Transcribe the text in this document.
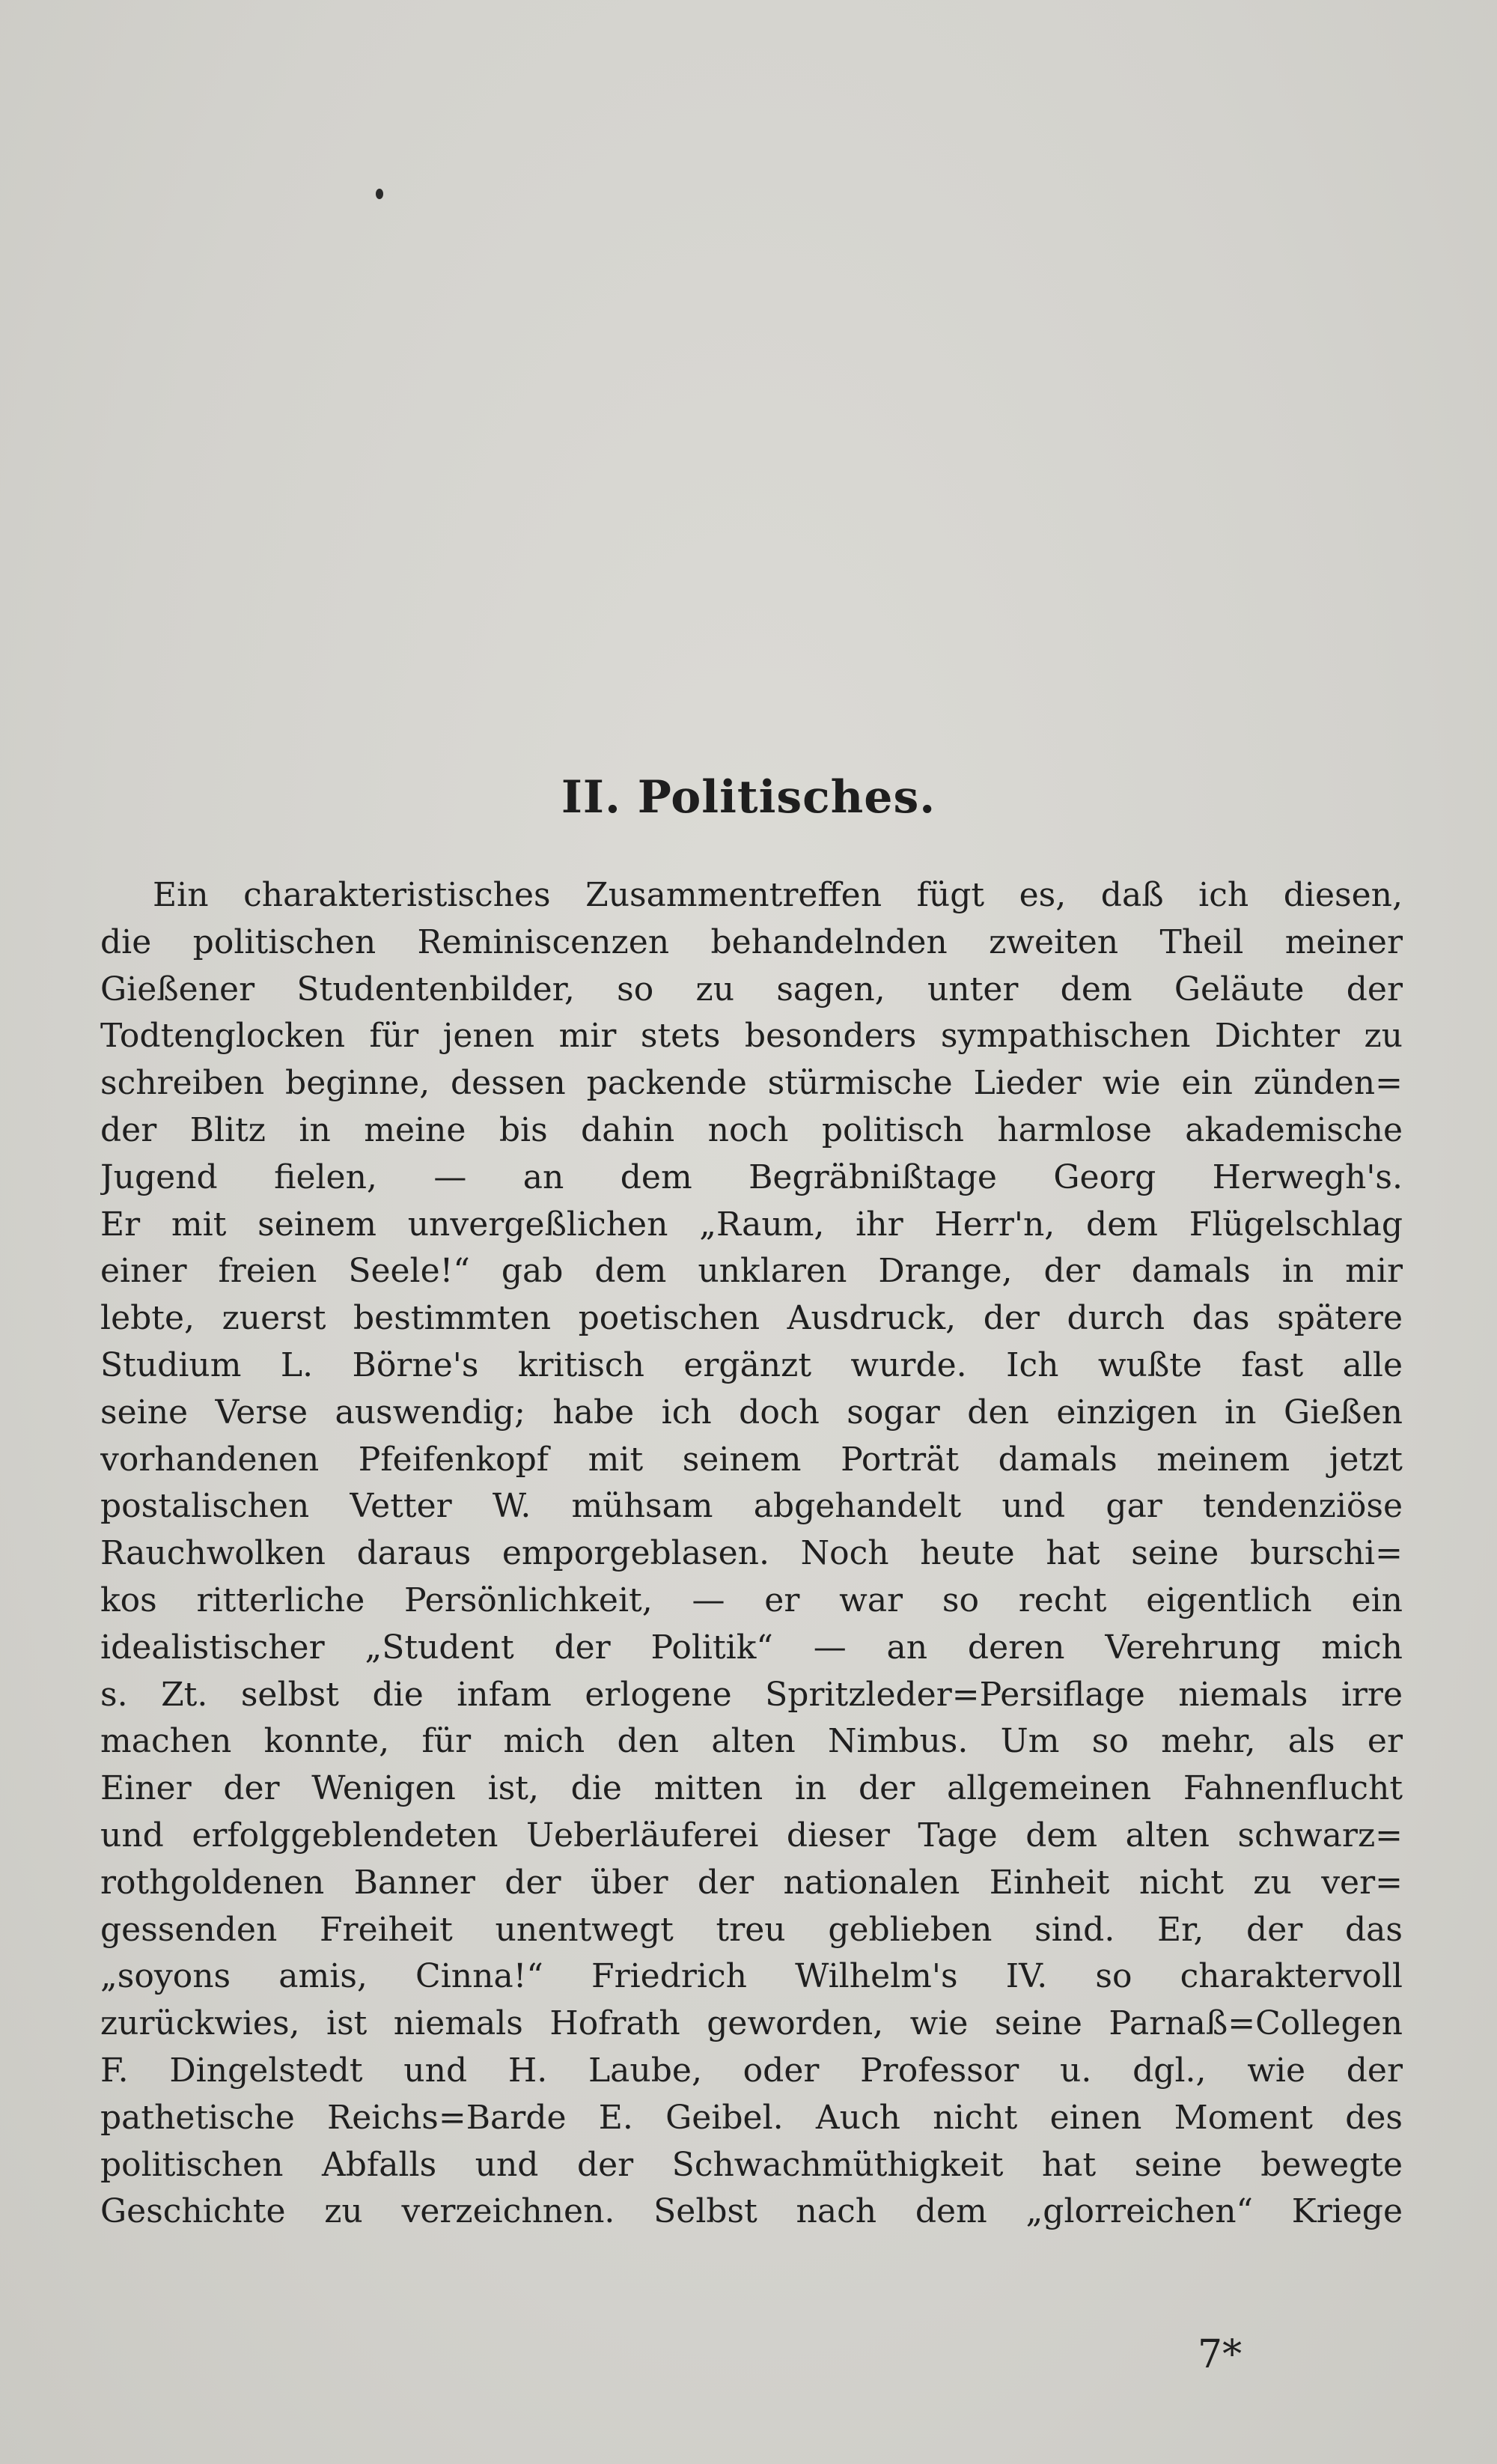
II. Politisches.
Ein charakteristisches Zusammentreffen fügt es, daß ich diesen,
die politischen Reminiscenzen behandelnden zweiten Theil meiner
Gießener Studentenbilder, so zu sagen, unter dem Geläute der
Todtenglocken für jenen mir stets besonders sympathischen Dichter zu
schreiben beginne, dessen packende stürmische Lieder wie ein zünden=
der Blitz in meine bis dahin noch politisch harmlose akademische
Jugend fielen, — an dem Begräbnißtage Georg Herwegh's.
Er mit seinem unvergeßlichen „Raum, ihr Herr'n, dem Flügelschlag
einer freien Seele!“ gab dem unklaren Drange, der damals in mir
lebte, zuerst bestimmten poetischen Ausdruck, der durch das spätere
Studium L. Börne's kritisch ergänzt wurde. Ich wußte fast alle
seine Verse auswendig; habe ich doch sogar den einzigen in Gießen
vorhandenen Pfeifenkopf mit seinem Porträt damals meinem jetzt
postalischen Vetter W. mühsam abgehandelt und gar tendenziöse
Rauchwolken daraus emporgeblasen. Noch heute hat seine burschi=
kos ritterliche Persönlichkeit, — er war so recht eigentlich ein
idealistischer „Student der Politik“ — an deren Verehrung mich
s. Zt. selbst die infam erlogene Spritzleder=Persiflage niemals irre
machen konnte, für mich den alten Nimbus. Um so mehr, als er
Einer der Wenigen ist, die mitten in der allgemeinen Fahnenflucht
und erfolggeblendeten Ueberläuferei dieser Tage dem alten schwarz=
rothgoldenen Banner der über der nationalen Einheit nicht zu ver=
gessenden Freiheit unentwegt treu geblieben sind. Er, der das
„soyons amis, Cinna!“ Friedrich Wilhelm's IV. so charaktervoll
zurückwies, ist niemals Hofrath geworden, wie seine Parnaß=Collegen
F. Dingelstedt und H. Laube, oder Professor u. dgl., wie der
pathetische Reichs=Barde E. Geibel. Auch nicht einen Moment des
politischen Abfalls und der Schwachmüthigkeit hat seine bewegte
Geschichte zu verzeichnen. Selbst nach dem „glorreichen“ Kriege
7*
